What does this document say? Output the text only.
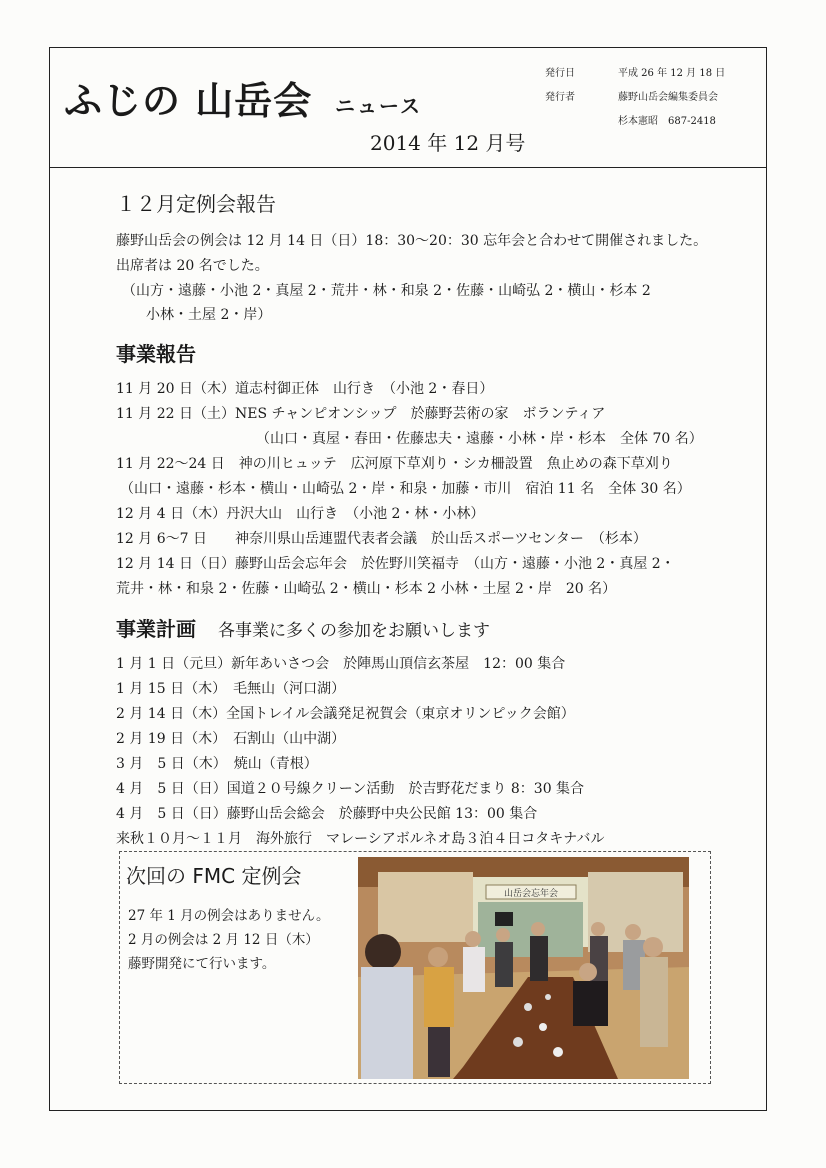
ふじの 山岳会 ニュース
2014 年 12 月号
発行日	平成 26 年 12 月 18 日
発行者	藤野山岳会編集委員会
杉本憲昭　687-2418
１２月定例会報告
藤野山岳会の例会は 12 月 14 日（日）18：30〜20：30 忘年会と合わせて開催されました。
出席者は 20 名でした。
（山方・遠藤・小池 2・真屋 2・荒井・林・和泉 2・佐藤・山崎弘 2・横山・杉本 2
小林・土屋 2・岸）
事業報告
11 月 20 日（木）道志村御正体　山行き　（小池 2・春日）
11 月 22 日（土）NES チャンピオンシップ　於藤野芸術の家　ボランティア
（山口・真屋・春田・佐藤忠夫・遠藤・小林・岸・杉本　全体 70 名）
11 月 22〜24 日　神の川ヒュッテ　広河原下草刈り・シカ柵設置　魚止めの森下草刈り
（山口・遠藤・杉本・横山・山崎弘 2・岸・和泉・加藤・市川　宿泊 11 名　全体 30 名）
12 月 4 日（木）丹沢大山　山行き　（小池 2・林・小林）
12 月 6〜7 日　　神奈川県山岳連盟代表者会議　於山岳スポーツセンター　（杉本）
12 月 14 日（日）藤野山岳会忘年会　於佐野川笑福寺　（山方・遠藤・小池 2・真屋 2・
荒井・林・和泉 2・佐藤・山崎弘 2・横山・杉本 2 小林・土屋 2・岸　20 名）
事業計画 各事業に多くの参加をお願いします
1 月 1 日（元旦）新年あいさつ会　於陣馬山頂信玄茶屋　12：00 集合
1 月 15 日（木）　毛無山（河口湖）
2 月 14 日（木）全国トレイル会議発足祝賀会（東京オリンピック会館）
2 月 19 日（木）　石割山（山中湖）
3 月　5 日（木）　焼山（青根）
4 月　5 日（日）国道２０号線クリーン活動　於吉野花だまり 8：30 集合
4 月　5 日（日）藤野山岳会総会　於藤野中央公民館 13：00 集合
来秋１０月〜１１月　海外旅行　マレーシアボルネオ島３泊４日コタキナバル
次回の FMC 定例会
27 年 1 月の例会はありません。
2 月の例会は 2 月 12 日（木）
藤野開発にて行います。
山岳会忘年会
